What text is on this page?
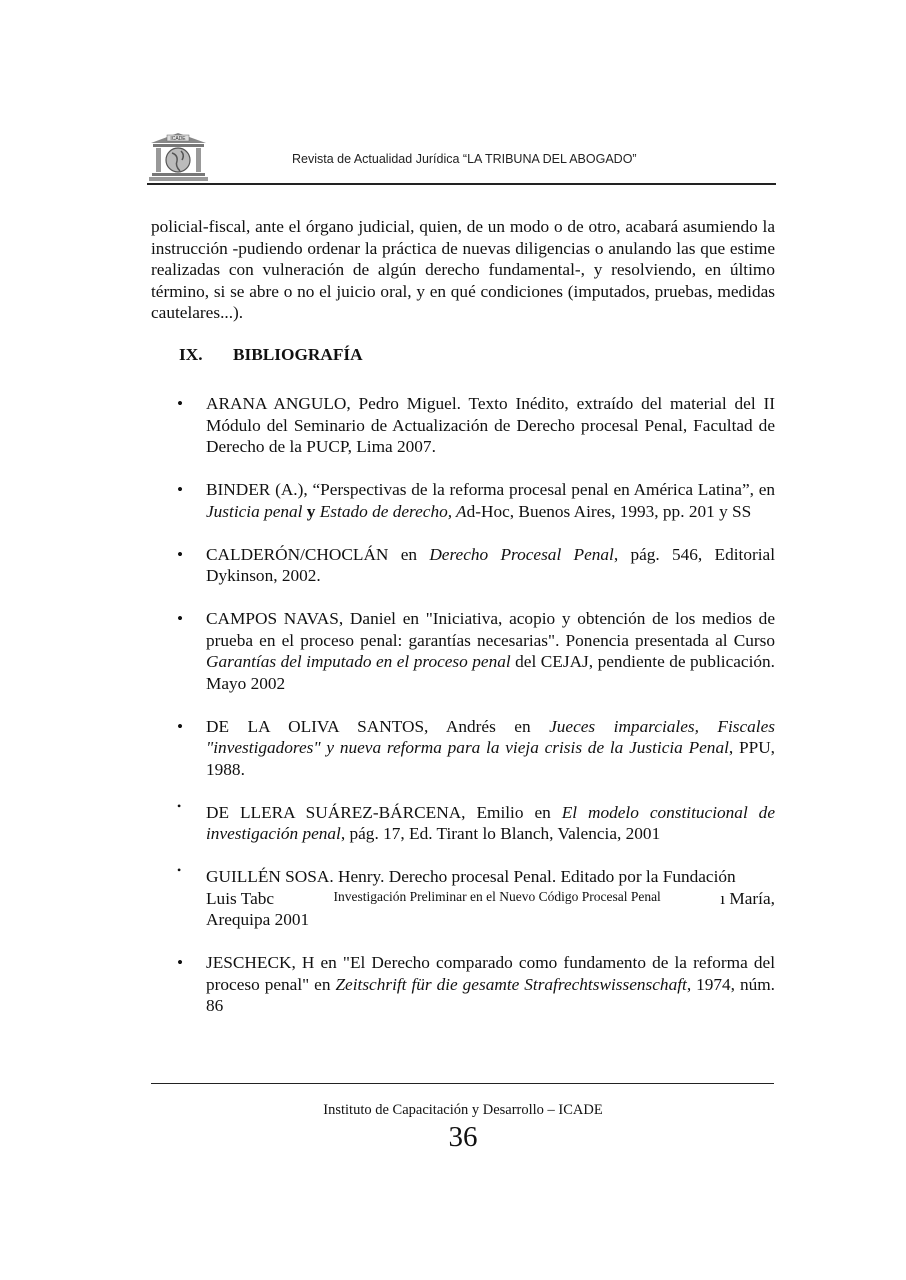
ICADE
Revista de Actualidad Jurídica “LA TRIBUNA DEL ABOGADO”

policial-fiscal, ante el órgano judicial, quien, de un modo o de otro, acabará asumiendo la instrucción -pudiendo ordenar la práctica de nuevas diligencias o anulando las que estime realizadas con vulneración de algún derecho fundamental-, y resolviendo, en último término, si se abre o no el juicio oral, y en qué condiciones (imputados, pruebas, medidas cautelares...).

IX.	BIBLIOGRAFÍA
• ARANA ANGULO, Pedro Miguel. Texto Inédito, extraído del material del II Módulo del Seminario de Actualización de Derecho procesal Penal, Facultad de Derecho de la PUCP, Lima 2007.
• BINDER (A.), “Perspectivas de la reforma procesal penal en América Latina”, en Justicia penal y Estado de derecho, Ad-Hoc, Buenos Aires, 1993, pp. 201 y SS
• CALDERÓN/CHOCLÁN en Derecho Procesal Penal, pág. 546, Editorial Dykinson, 2002.
• CAMPOS NAVAS, Daniel en "Iniciativa, acopio y obtención de los medios de prueba en el proceso penal: garantías necesarias". Ponencia presentada al Curso Garantías del imputado en el proceso penal del CEJAJ, pendiente de publicación. Mayo 2002
• DE LA OLIVA SANTOS, Andrés en Jueces imparciales, Fiscales "investigadores" y nueva reforma para la vieja crisis de la Justicia Penal, PPU, 1988.
• DE LLERA SUÁREZ-BÁRCENA, Emilio en El modelo constitucional de investigación penal, pág. 17, Ed. Tirant lo Blanch, Valencia, 2001
• GUILLÉN SOSA. Henry. Derecho procesal Penal. Editado por la Fundación
Luis Tabc	Investigación Preliminar en el Nuevo Código Procesal Penal	ı María,
Arequipa 2001
• JESCHECK, H en "El Derecho comparado como fundamento de la reforma del proceso penal" en Zeitschrift für die gesamte Strafrechtswissenschaft, 1974, núm. 86
Instituto de Capacitación y Desarrollo – ICADE
36
